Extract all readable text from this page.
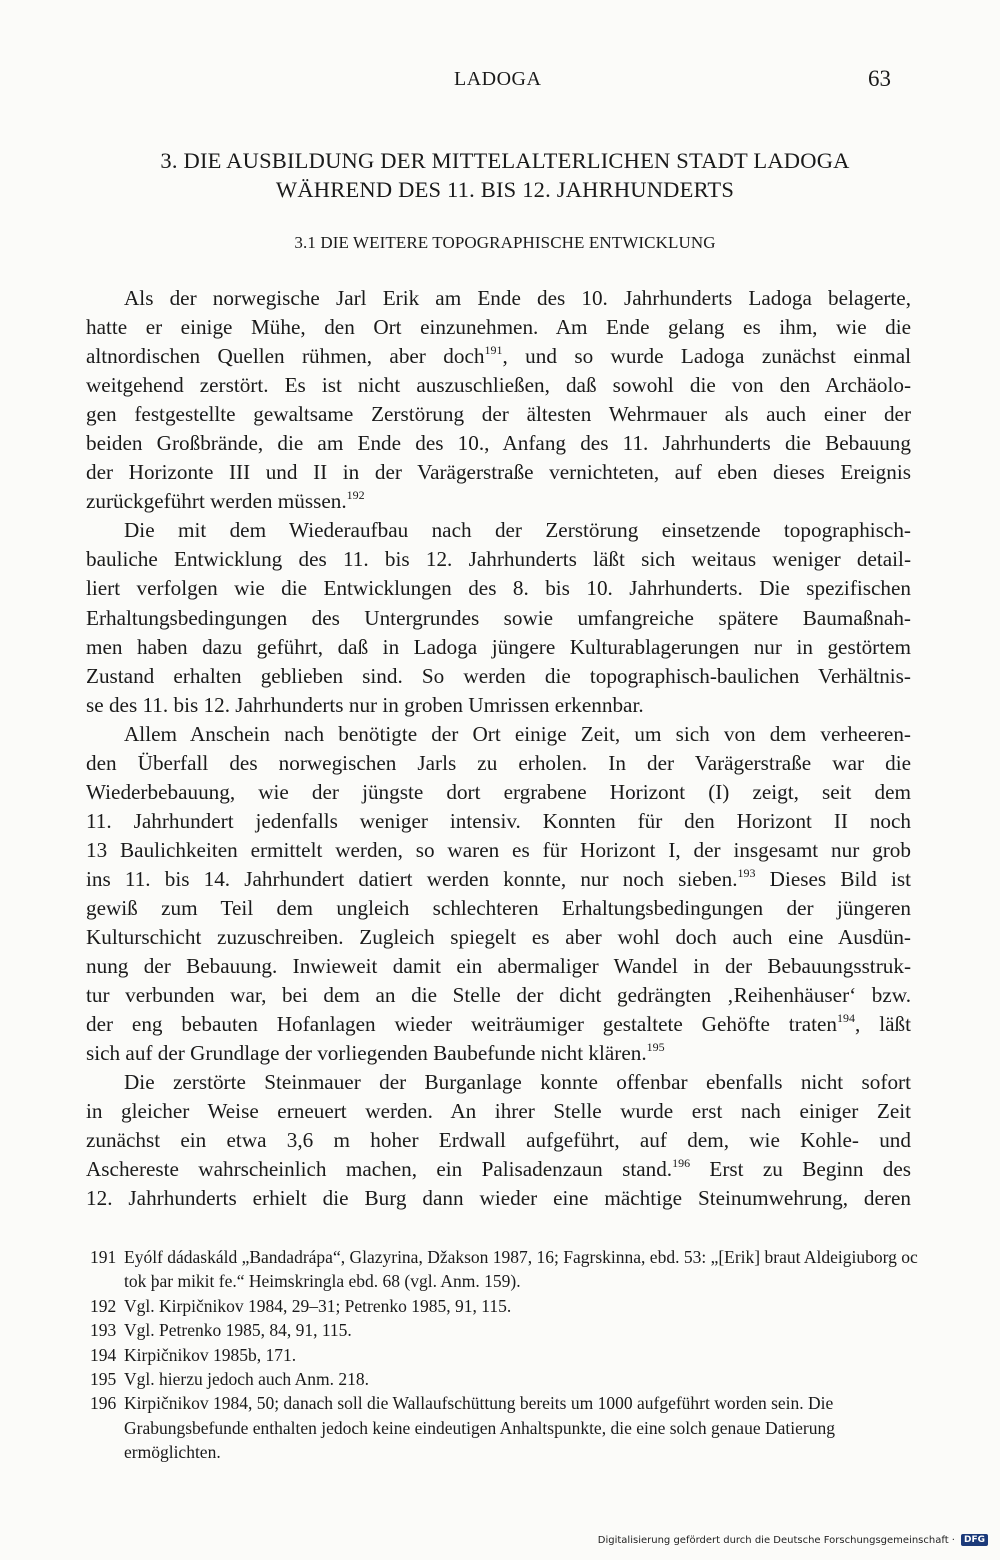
LADOGA	63
3. DIE AUSBILDUNG DER MITTELALTERLICHEN STADT LADOGA
WÄHREND DES 11. BIS 12. JAHRHUNDERTS
3.1 DIE WEITERE TOPOGRAPHISCHE ENTWICKLUNG
Als der norwegische Jarl Erik am Ende des 10. Jahrhunderts Ladoga belagerte,
hatte er einige Mühe, den Ort einzunehmen. Am Ende gelang es ihm, wie die
altnordischen Quellen rühmen, aber doch$^{191}$, und so wurde Ladoga zunächst einmal
weitgehend zerstört. Es ist nicht auszuschließen, daß sowohl die von den Archäolo-
gen festgestellte gewaltsame Zerstörung der ältesten Wehrmauer als auch einer der
beiden Großbrände, die am Ende des 10., Anfang des 11. Jahrhunderts die Bebauung
der Horizonte III und II in der Varägerstraße vernichteten, auf eben dieses Ereignis
zurückgeführt werden müssen.$^{192}$
Die mit dem Wiederaufbau nach der Zerstörung einsetzende topographisch-
bauliche Entwicklung des 11. bis 12. Jahrhunderts läßt sich weitaus weniger detail-
liert verfolgen wie die Entwicklungen des 8. bis 10. Jahrhunderts. Die spezifischen
Erhaltungsbedingungen des Untergrundes sowie umfangreiche spätere Baumaßnah-
men haben dazu geführt, daß in Ladoga jüngere Kulturablagerungen nur in gestörtem
Zustand erhalten geblieben sind. So werden die topographisch-baulichen Verhältnis-
se des 11. bis 12. Jahrhunderts nur in groben Umrissen erkennbar.
Allem Anschein nach benötigte der Ort einige Zeit, um sich von dem verheeren-
den Überfall des norwegischen Jarls zu erholen. In der Varägerstraße war die
Wiederbebauung, wie der jüngste dort ergrabene Horizont (I) zeigt, seit dem
11. Jahrhundert jedenfalls weniger intensiv. Konnten für den Horizont II noch
13 Baulichkeiten ermittelt werden, so waren es für Horizont I, der insgesamt nur grob
ins 11. bis 14. Jahrhundert datiert werden konnte, nur noch sieben.$^{193}$ Dieses Bild ist
gewiß zum Teil dem ungleich schlechteren Erhaltungsbedingungen der jüngeren
Kulturschicht zuzuschreiben. Zugleich spiegelt es aber wohl doch auch eine Ausdün-
nung der Bebauung. Inwieweit damit ein abermaliger Wandel in der Bebauungsstruk-
tur verbunden war, bei dem an die Stelle der dicht gedrängten ‚Reihenhäuser‘ bzw.
der eng bebauten Hofanlagen wieder weiträumiger gestaltete Gehöfte traten$^{194}$, läßt
sich auf der Grundlage der vorliegenden Baubefunde nicht klären.$^{195}$
Die zerstörte Steinmauer der Burganlage konnte offenbar ebenfalls nicht sofort
in gleicher Weise erneuert werden. An ihrer Stelle wurde erst nach einiger Zeit
zunächst ein etwa 3,6 m hoher Erdwall aufgeführt, auf dem, wie Kohle- und
Aschereste wahrscheinlich machen, ein Palisadenzaun stand.$^{196}$ Erst zu Beginn des
12. Jahrhunderts erhielt die Burg dann wieder eine mächtige Steinumwehrung, deren
191 Eyólf dádaskáld „Bandadrápa“, Glazyrina, Džakson 1987, 16; Fagrskinna, ebd. 53: „[Erik] braut Aldeigiuborg oc tok þar mikit fe.“ Heimskringla ebd. 68 (vgl. Anm. 159).
192 Vgl. Kirpičnikov 1984, 29–31; Petrenko 1985, 91, 115.
193 Vgl. Petrenko 1985, 84, 91, 115.
194 Kirpičnikov 1985b, 171.
195 Vgl. hierzu jedoch auch Anm. 218.
196 Kirpičnikov 1984, 50; danach soll die Wallaufschüttung bereits um 1000 aufgeführt worden sein. Die Grabungsbefunde enthalten jedoch keine eindeutigen Anhaltspunkte, die eine solch genaue Datierung ermöglichten.
Digitalisierung gefördert durch die Deutsche Forschungsgemeinschaft ·	DFG
